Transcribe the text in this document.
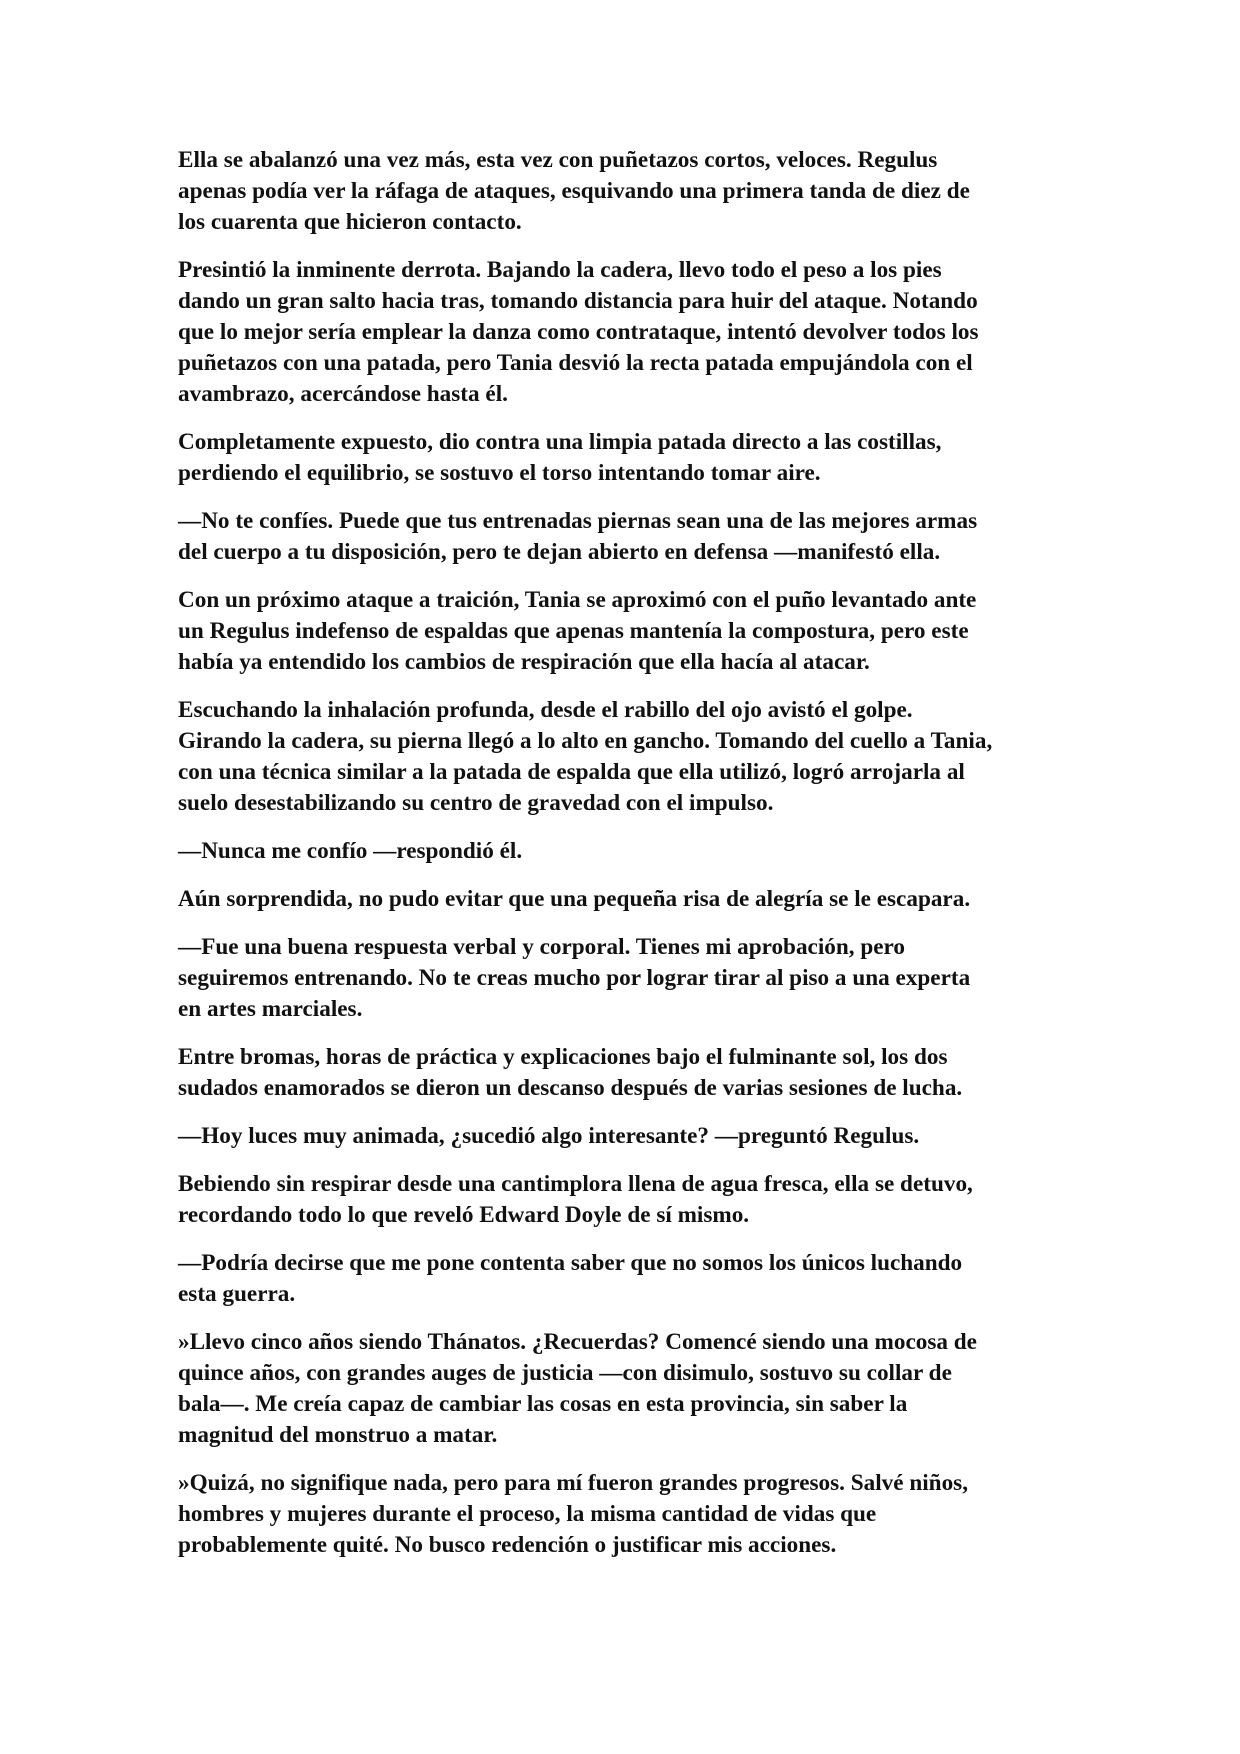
Ella se abalanzó una vez más, esta vez con puñetazos cortos, veloces. Regulus
apenas podía ver la ráfaga de ataques, esquivando una primera tanda de diez de
los cuarenta que hicieron contacto.

Presintió la inminente derrota. Bajando la cadera, llevo todo el peso a los pies
dando un gran salto hacia tras, tomando distancia para huir del ataque. Notando
que lo mejor sería emplear la danza como contrataque, intentó devolver todos los
puñetazos con una patada, pero Tania desvió la recta patada empujándola con el
avambrazo, acercándose hasta él.

Completamente expuesto, dio contra una limpia patada directo a las costillas,
perdiendo el equilibrio, se sostuvo el torso intentando tomar aire.

—No te confíes. Puede que tus entrenadas piernas sean una de las mejores armas
del cuerpo a tu disposición, pero te dejan abierto en defensa —manifestó ella.

Con un próximo ataque a traición, Tania se aproximó con el puño levantado ante
un Regulus indefenso de espaldas que apenas mantenía la compostura, pero este
había ya entendido los cambios de respiración que ella hacía al atacar.

Escuchando la inhalación profunda, desde el rabillo del ojo avistó el golpe.
Girando la cadera, su pierna llegó a lo alto en gancho. Tomando del cuello a Tania,
con una técnica similar a la patada de espalda que ella utilizó, logró arrojarla al
suelo desestabilizando su centro de gravedad con el impulso.

—Nunca me confío —respondió él.

Aún sorprendida, no pudo evitar que una pequeña risa de alegría se le escapara.

—Fue una buena respuesta verbal y corporal. Tienes mi aprobación, pero
seguiremos entrenando. No te creas mucho por lograr tirar al piso a una experta
en artes marciales.

Entre bromas, horas de práctica y explicaciones bajo el fulminante sol, los dos
sudados enamorados se dieron un descanso después de varias sesiones de lucha.

—Hoy luces muy animada, ¿sucedió algo interesante? —preguntó Regulus.

Bebiendo sin respirar desde una cantimplora llena de agua fresca, ella se detuvo,
recordando todo lo que reveló Edward Doyle de sí mismo.

—Podría decirse que me pone contenta saber que no somos los únicos luchando
esta guerra.

»Llevo cinco años siendo Thánatos. ¿Recuerdas? Comencé siendo una mocosa de
quince años, con grandes auges de justicia —con disimulo, sostuvo su collar de
bala—. Me creía capaz de cambiar las cosas en esta provincia, sin saber la
magnitud del monstruo a matar.

»Quizá, no signifique nada, pero para mí fueron grandes progresos. Salvé niños,
hombres y mujeres durante el proceso, la misma cantidad de vidas que
probablemente quité. No busco redención o justificar mis acciones.
